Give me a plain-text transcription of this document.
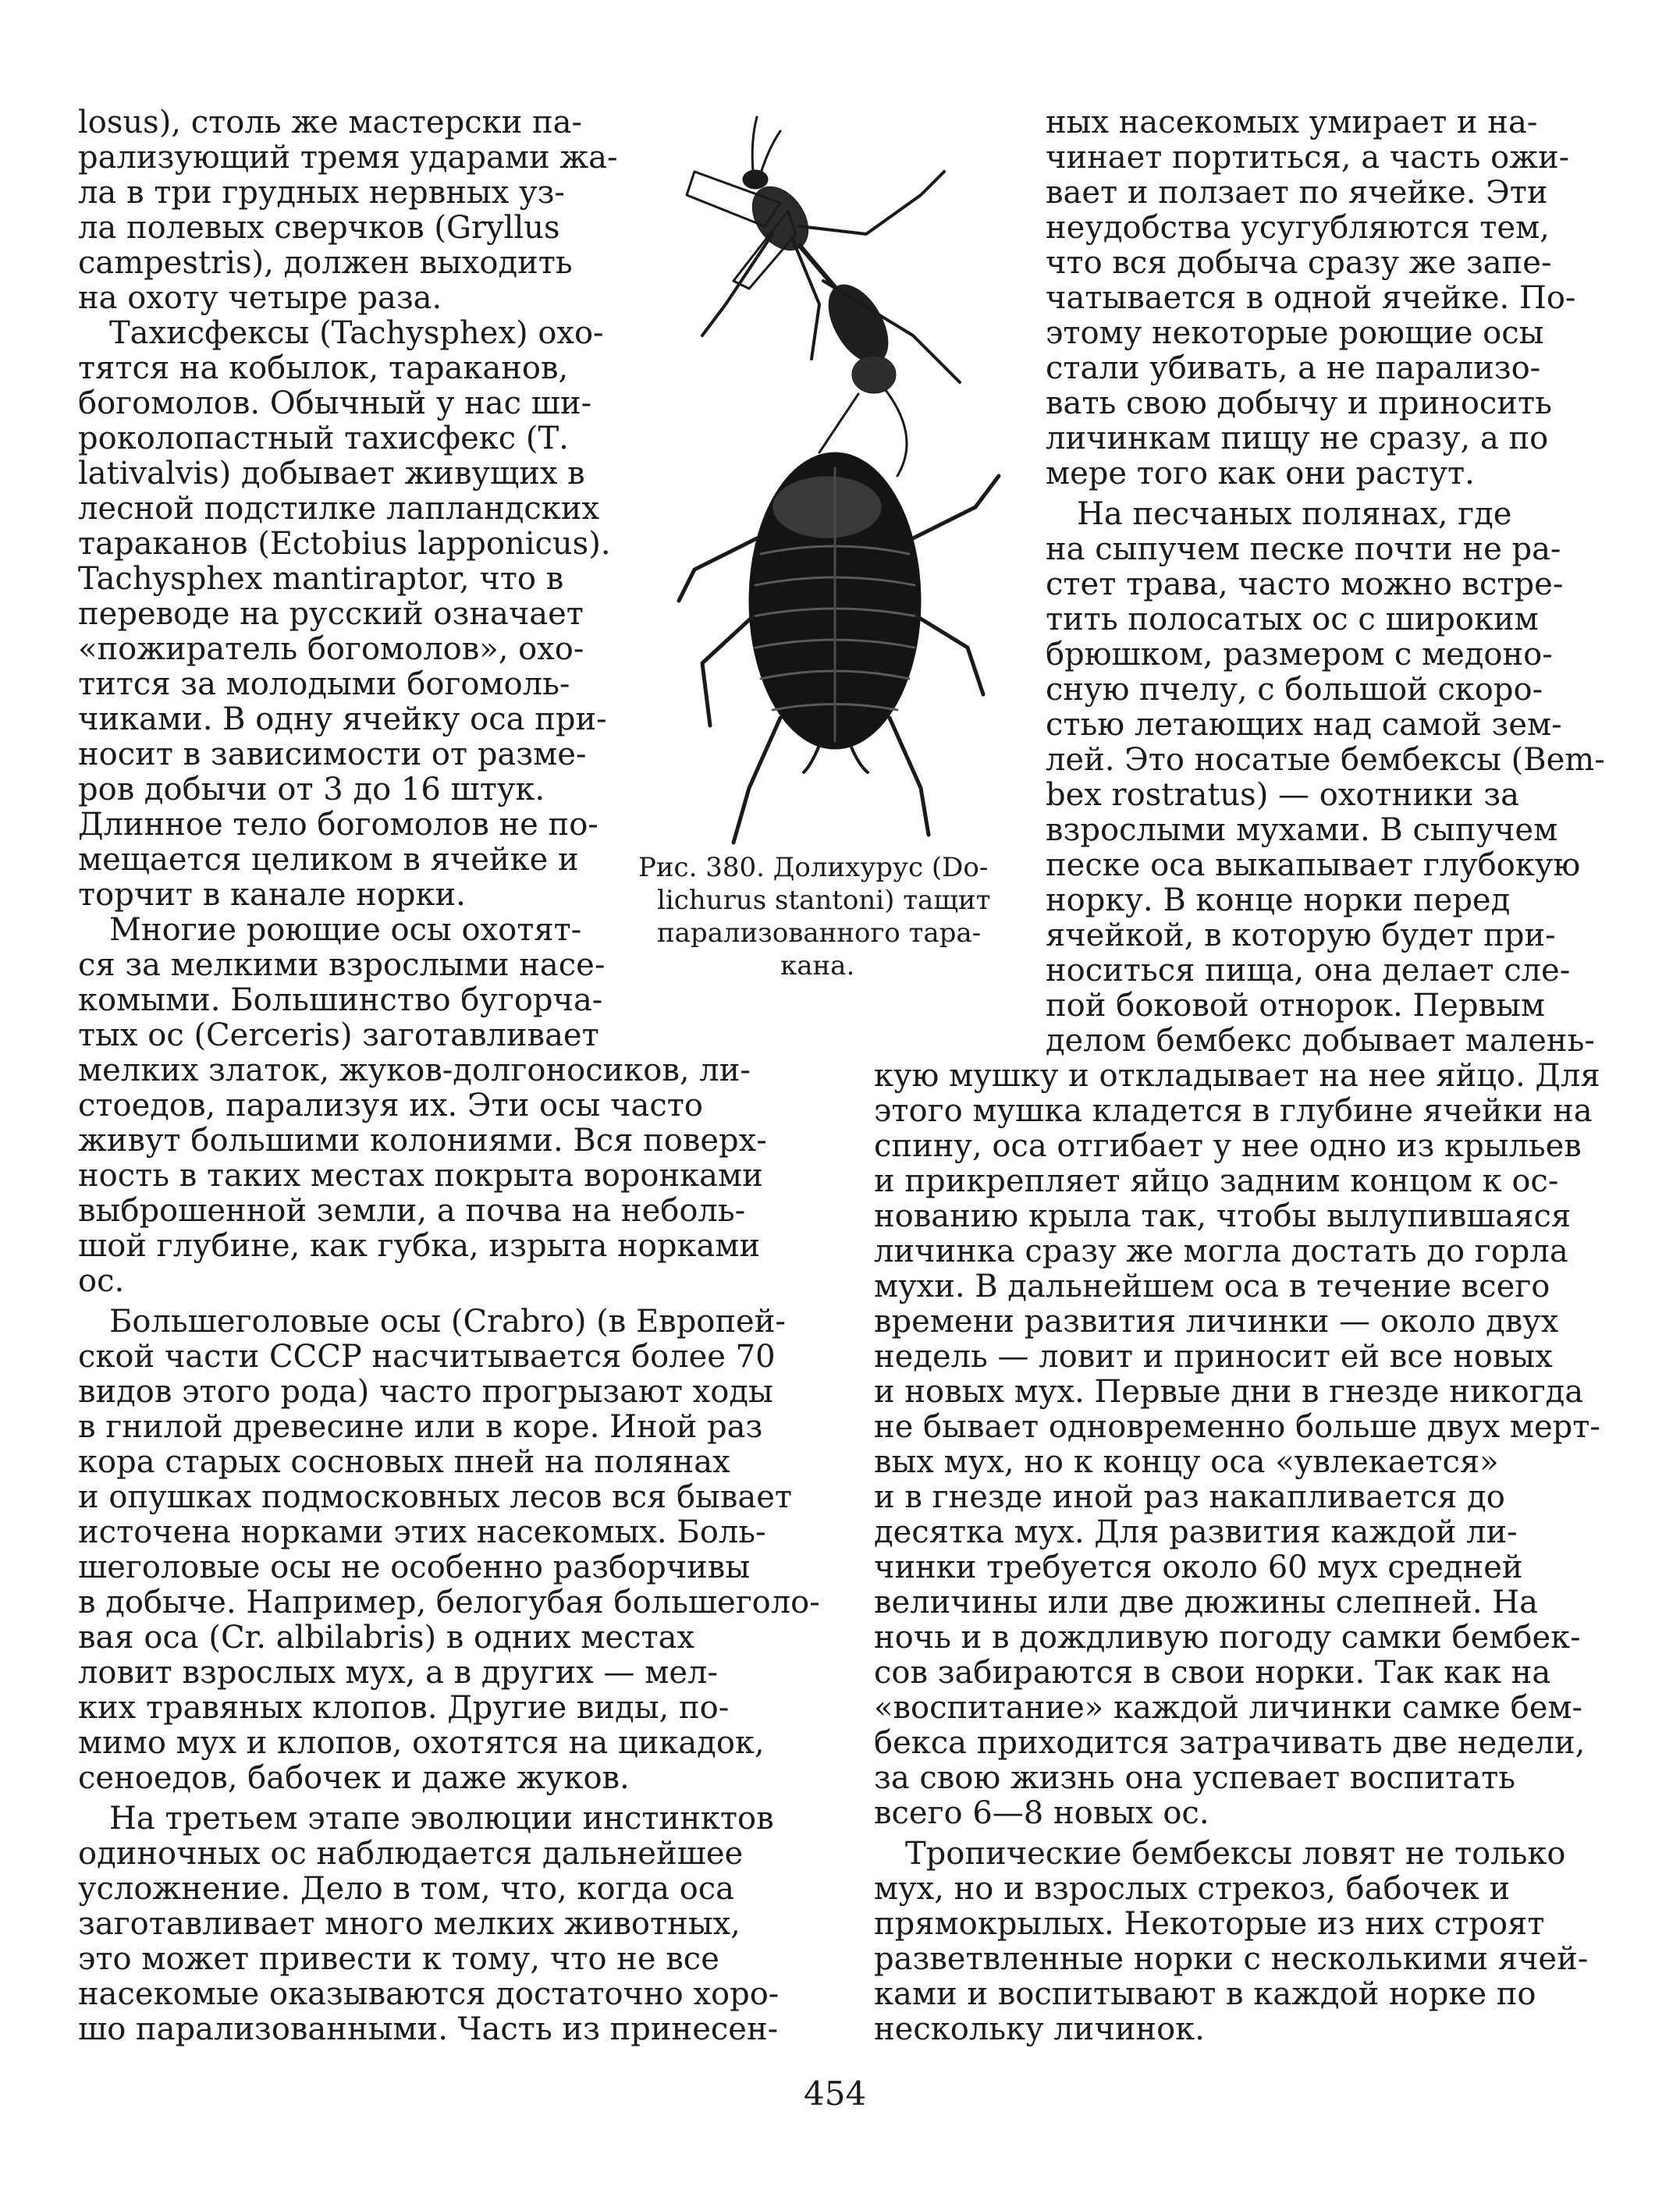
losus), столь же мастерски па-
рализующий тремя ударами жа-
ла в три грудных нервных уз-
ла полевых сверчков (Gryllus
campestris), должен выходить
на охоту четыре раза.
Тахисфексы (Tachysphex) охо-
тятся на кобылок, тараканов,
богомолов. Обычный у нас ши-
роколопастный тахисфекс (Т.
lativalvis) добывает живущих в
лесной подстилке лапландских
тараканов (Ectobius lapponicus).
Tachysphex mantiraptor, что в
переводе на русский означает
«пожиратель богомолов», охо-
тится за молодыми богомоль-
чиками. В одну ячейку оса при-
носит в зависимости от разме-
ров добычи от 3 до 16 штук.
Длинное тело богомолов не по-
мещается целиком в ячейке и
торчит в канале норки.
Многие роющие осы охотят-
ся за мелкими взрослыми насе-
комыми. Большинство бугорча-
тых ос (Cerceris) заготавливает
мелких златок, жуков-долгоносиков, ли-
стоедов, парализуя их. Эти осы часто
живут большими колониями. Вся поверх-
ность в таких местах покрыта воронками
выброшенной земли, а почва на неболь-
шой глубине, как губка, изрыта норками
ос.
Большеголовые осы (Crabro) (в Европей-
ской части СССР насчитывается более 70
видов этого рода) часто прогрызают ходы
в гнилой древесине или в коре. Иной раз
кора старых сосновых пней на полянах
и опушках подмосковных лесов вся бывает
источена норками этих насекомых. Боль-
шеголовые осы не особенно разборчивы
в добыче. Например, белогубая большеголо-
вая оса (Cr. albilabris) в одних местах
ловит взрослых мух, а в других — мел-
ких травяных клопов. Другие виды, по-
мимо мух и клопов, охотятся на цикадок,
сеноедов, бабочек и даже жуков.
На третьем этапе эволюции инстинктов
одиночных ос наблюдается дальнейшее
усложнение. Дело в том, что, когда оса
заготавливает много мелких животных,
это может привести к тому, что не все
насекомые оказываются достаточно хоро-
шо парализованными. Часть из принесен-
Рис. 380. Долихурус (Do-
lichurus stantoni) тащит
парализованного тара-
кана.
ных насекомых умирает и на-
чинает портиться, а часть ожи-
вает и ползает по ячейке. Эти
неудобства усугубляются тем,
что вся добыча сразу же запе-
чатывается в одной ячейке. По-
этому некоторые роющие осы
стали убивать, а не парализо-
вать свою добычу и приносить
личинкам пищу не сразу, а по
мере того как они растут.
На песчаных полянах, где
на сыпучем песке почти не ра-
стет трава, часто можно встре-
тить полосатых ос с широким
брюшком, размером с медоно-
сную пчелу, с большой скоро-
стью летающих над самой зем-
лей. Это носатые бембексы (Bem-
bex rostratus) — охотники за
взрослыми мухами. В сыпучем
песке оса выкапывает глубокую
норку. В конце норки перед
ячейкой, в которую будет при-
носиться пища, она делает сле-
пой боковой отнорок. Первым
делом бембекс добывает малень-
кую мушку и откладывает на нее яйцо. Для
этого мушка кладется в глубине ячейки на
спину, оса отгибает у нее одно из крыльев
и прикрепляет яйцо задним концом к ос-
нованию крыла так, чтобы вылупившаяся
личинка сразу же могла достать до горла
мухи. В дальнейшем оса в течение всего
времени развития личинки — около двух
недель — ловит и приносит ей все новых
и новых мух. Первые дни в гнезде никогда
не бывает одновременно больше двух мерт-
вых мух, но к концу оса «увлекается»
и в гнезде иной раз накапливается до
десятка мух. Для развития каждой ли-
чинки требуется около 60 мух средней
величины или две дюжины слепней. На
ночь и в дождливую погоду самки бембек-
сов забираются в свои норки. Так как на
«воспитание» каждой личинки самке бем-
бекса приходится затрачивать две недели,
за свою жизнь она успевает воспитать
всего 6—8 новых ос.
Тропические бембексы ловят не только
мух, но и взрослых стрекоз, бабочек и
прямокрылых. Некоторые из них строят
разветвленные норки с несколькими ячей-
ками и воспитывают в каждой норке по
нескольку личинок.
454
